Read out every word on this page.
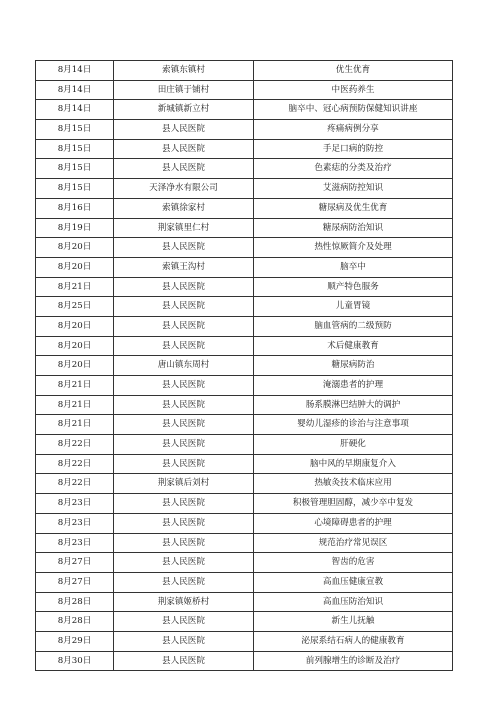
8月14日	索镇东镇村	优生优育
8月14日	田庄镇于铺村	中医药养生
8月14日	新城镇新立村	脑卒中、冠心病预防保健知识讲座
8月15日	县人民医院	疼痛病例分享
8月15日	县人民医院	手足口病的防控
8月15日	县人民医院	色素痣的分类及治疗
8月15日	天泽净水有限公司	艾滋病防控知识
8月16日	索镇徐家村	糖尿病及优生优育
8月19日	荆家镇里仁村	糖尿病防治知识
8月20日	县人民医院	热性惊厥简介及处理
8月20日	索镇王沟村	脑卒中
8月21日	县人民医院	顺产特色服务
8月25日	县人民医院	儿童胃镜
8月20日	县人民医院	脑血管病的二级预防
8月20日	县人民医院	术后健康教育
8月20日	唐山镇东周村	糖尿病防治
8月21日	县人民医院	淹溺患者的护理
8月21日	县人民医院	肠系膜淋巴结肿大的调护
8月21日	县人民医院	婴幼儿湿疹的诊治与注意事项
8月22日	县人民医院	肝硬化
8月22日	县人民医院	脑中风的早期康复介入
8月22日	荆家镇后刘村	热敏灸技术临床应用
8月23日	县人民医院	积极管理胆固醇，减少卒中复发
8月23日	县人民医院	心境障碍患者的护理
8月23日	县人民医院	规范治疗常见误区
8月27日	县人民医院	智齿的危害
8月27日	县人民医院	高血压健康宣教
8月28日	荆家镇姬桥村	高血压防治知识
8月28日	县人民医院	新生儿抚触
8月29日	县人民医院	泌尿系结石病人的健康教育
8月30日	县人民医院	前列腺增生的诊断及治疗
